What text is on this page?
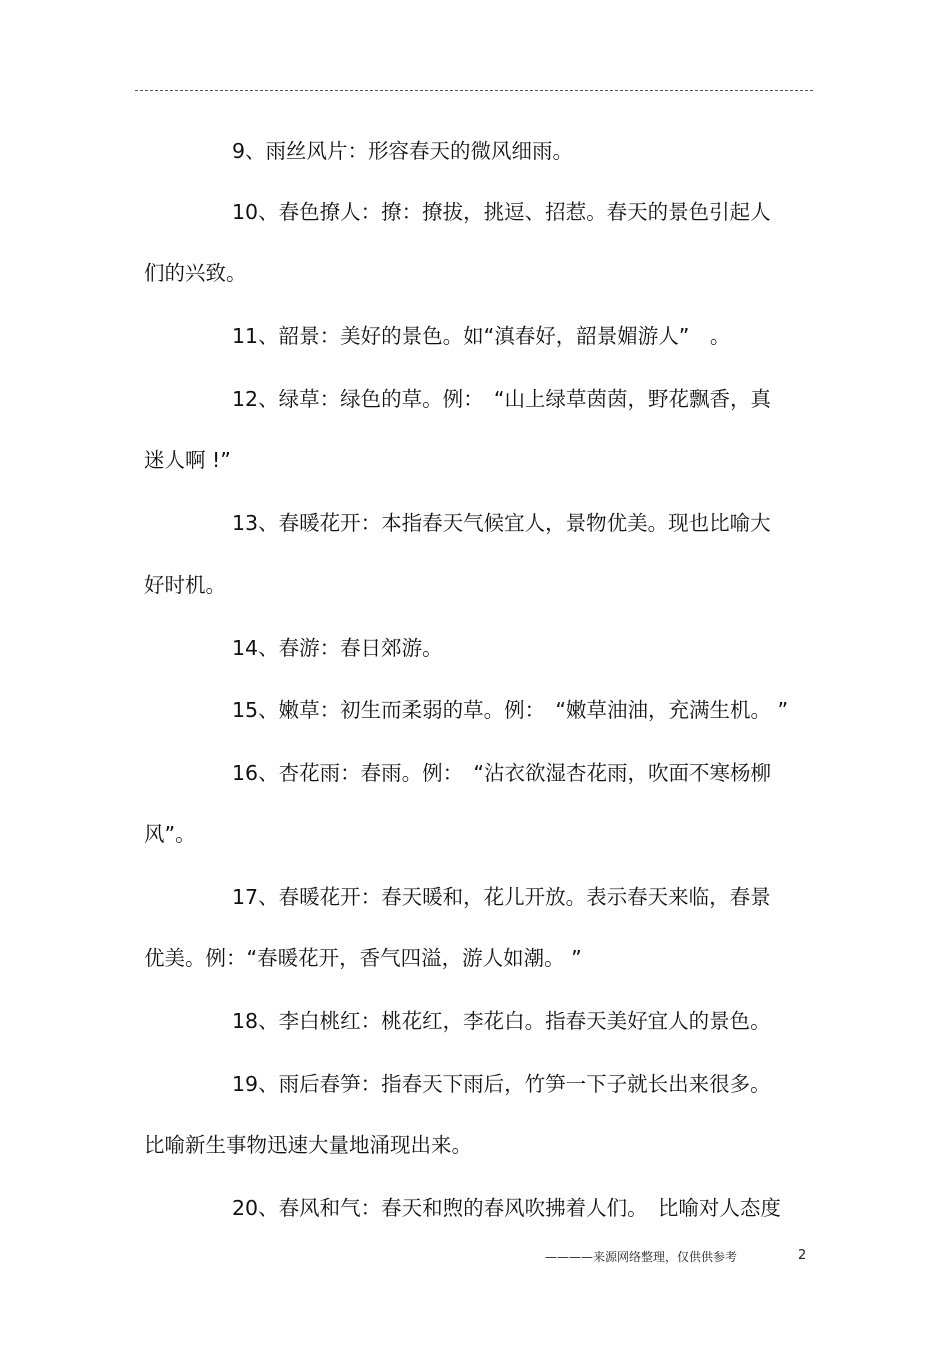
9、雨丝风片：形容春天的微风细雨。
10、春色撩人：撩：撩拔，挑逗、招惹。春天的景色引起人
们的兴致。
11、韶景：美好的景色。如“滇春好，韶景媚游人”　。
12、绿草：绿色的草。例：　“山上绿草茵茵，野花飘香，真
迷人啊 !”
13、春暖花开：本指春天气候宜人，景物优美。现也比喻大
好时机。
14、春游：春日郊游。
15、嫩草：初生而柔弱的草。例：　“嫩草油油，充满生机。 ”
16、杏花雨：春雨。例：　“沾衣欲湿杏花雨，吹面不寒杨柳
风”。
17、春暖花开：春天暖和，花儿开放。表示春天来临，春景
优美。例：“春暖花开，香气四溢，游人如潮。 ”
18、李白桃红：桃花红，李花白。指春天美好宜人的景色。
19、雨后春笋：指春天下雨后，竹笋一下子就长出来很多。
比喻新生事物迅速大量地涌现出来。
20、春风和气：春天和煦的春风吹拂着人们。　比喻对人态度
————来源网络整理，仅供供参考	2
